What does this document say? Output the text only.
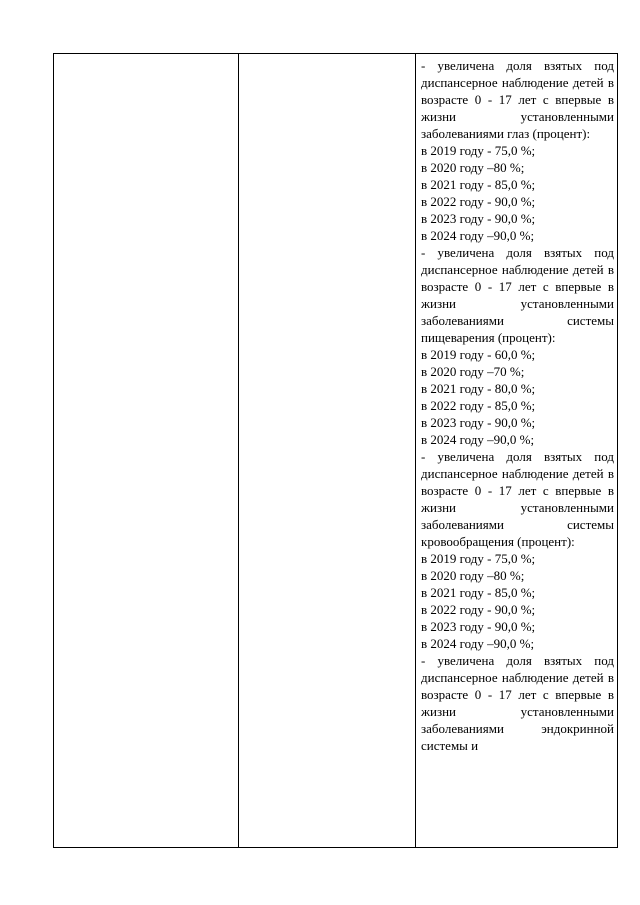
- увеличена доля взятых под диспансерное наблюдение детей в возрасте 0 - 17 лет с впервые в жизни установленными заболеваниями глаз (процент):
в 2019 году - 75,0 %;
в 2020 году –80 %;
в 2021 году - 85,0 %;
в 2022 году - 90,0 %;
в 2023 году - 90,0 %;
в 2024 году –90,0 %;
- увеличена доля взятых под диспансерное наблюдение детей в возрасте 0 - 17 лет с впервые в жизни установленными заболеваниями системы пищеварения (процент):
в 2019 году - 60,0 %;
в 2020 году –70 %;
в 2021 году - 80,0 %;
в 2022 году - 85,0 %;
в 2023 году - 90,0 %;
в 2024 году –90,0 %;
- увеличена доля взятых под диспансерное наблюдение детей в возрасте 0 - 17 лет с впервые в жизни установленными заболеваниями системы кровообращения (процент):
в 2019 году - 75,0 %;
в 2020 году –80 %;
в 2021 году - 85,0 %;
в 2022 году - 90,0 %;
в 2023 году - 90,0 %;
в 2024 году –90,0 %;
- увеличена доля взятых под диспансерное наблюдение детей в возрасте 0 - 17 лет с впервые в жизни установленными заболеваниями эндокринной системы и
